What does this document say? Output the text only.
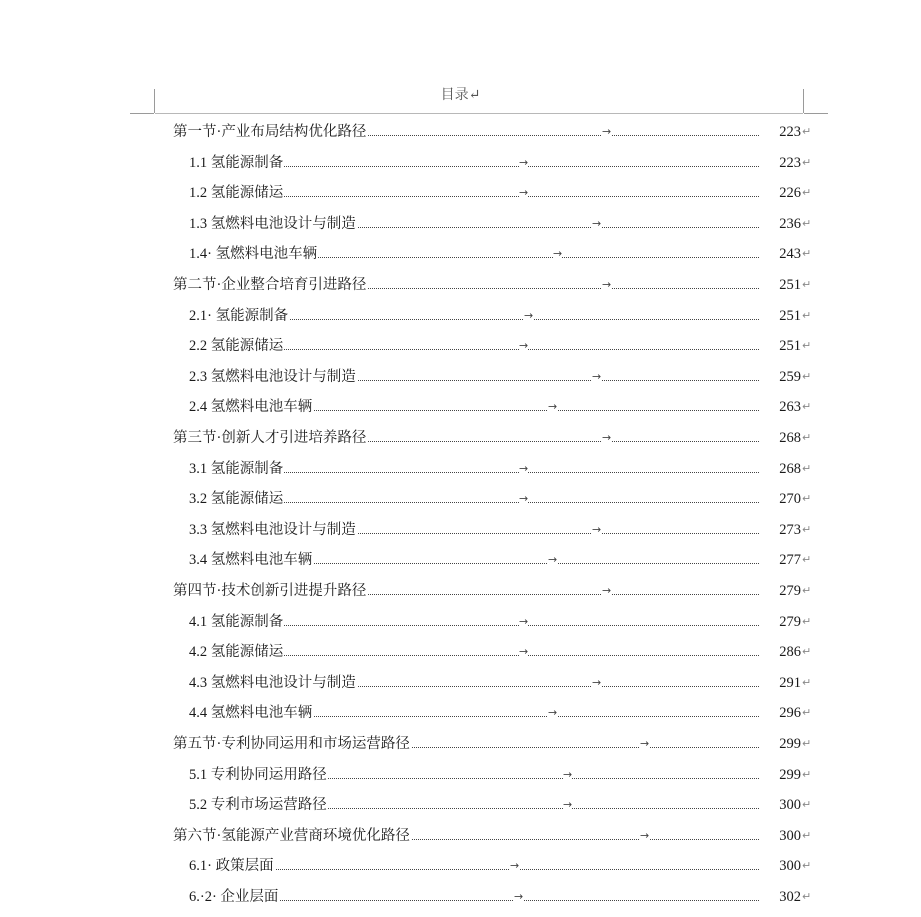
目录↵
第一节·产业布局结构优化路径	→	223 ↵
1.1 氢能源制备	→	223 ↵
1.2 氢能源储运	→	226 ↵
1.3 氢燃料电池设计与制造	→	236 ↵
1.4· 氢燃料电池车辆	→	243 ↵
第二节·企业整合培育引进路径	→	251 ↵
2.1· 氢能源制备	→	251 ↵
2.2 氢能源储运	→	251 ↵
2.3 氢燃料电池设计与制造	→	259 ↵
2.4 氢燃料电池车辆	→	263 ↵
第三节·创新人才引进培养路径	→	268 ↵
3.1 氢能源制备	→	268 ↵
3.2 氢能源储运	→	270 ↵
3.3 氢燃料电池设计与制造	→	273 ↵
3.4 氢燃料电池车辆	→	277 ↵
第四节·技术创新引进提升路径	→	279 ↵
4.1 氢能源制备	→	279 ↵
4.2 氢能源储运	→	286 ↵
4.3 氢燃料电池设计与制造	→	291 ↵
4.4 氢燃料电池车辆	→	296 ↵
第五节·专利协同运用和市场运营路径	→	299 ↵
5.1 专利协同运用路径	→	299 ↵
5.2 专利市场运营路径	→	300 ↵
第六节·氢能源产业营商环境优化路径	→	300 ↵
6.1· 政策层面	→	300 ↵
6.·2· 企业层面	→	302 ↵
